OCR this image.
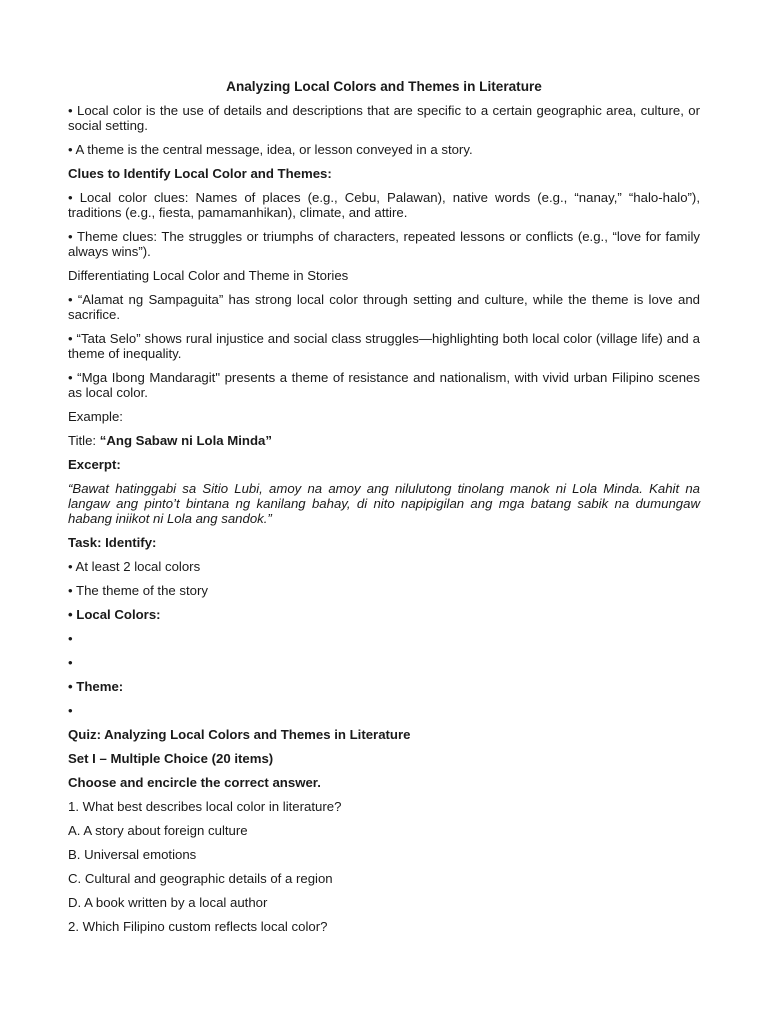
Analyzing Local Colors and Themes in Literature

• Local color is the use of details and descriptions that are specific to a certain geographic area, culture, or social setting.

• A theme is the central message, idea, or lesson conveyed in a story.

Clues to Identify Local Color and Themes:

• Local color clues: Names of places (e.g., Cebu, Palawan), native words (e.g., “nanay,” “halo-halo”), traditions (e.g., fiesta, pamamanhikan), climate, and attire.

• Theme clues: The struggles or triumphs of characters, repeated lessons or conflicts (e.g., “love for family always wins”).

Differentiating Local Color and Theme in Stories

• “Alamat ng Sampaguita” has strong local color through setting and culture, while the theme is love and sacrifice.

• “Tata Selo” shows rural injustice and social class struggles—highlighting both local color (village life) and a theme of inequality.

• “Mga Ibong Mandaragit" presents a theme of resistance and nationalism, with vivid urban Filipino scenes as local color.

Example:

Title: “Ang Sabaw ni Lola Minda”

Excerpt:

“Bawat hatinggabi sa Sitio Lubi, amoy na amoy ang nilulutong tinolang manok ni Lola Minda. Kahit na langaw ang pinto’t bintana ng kanilang bahay, di nito napipigilan ang mga batang sabik na dumungaw habang iniikot ni Lola ang sandok.”

Task: Identify:

• At least 2 local colors

• The theme of the story

• Local Colors:

•

•

• Theme:

•

Quiz: Analyzing Local Colors and Themes in Literature

Set I – Multiple Choice (20 items)

Choose and encircle the correct answer.

1. What best describes local color in literature?

A. A story about foreign culture

B. Universal emotions

C. Cultural and geographic details of a region

D. A book written by a local author

2. Which Filipino custom reflects local color?
